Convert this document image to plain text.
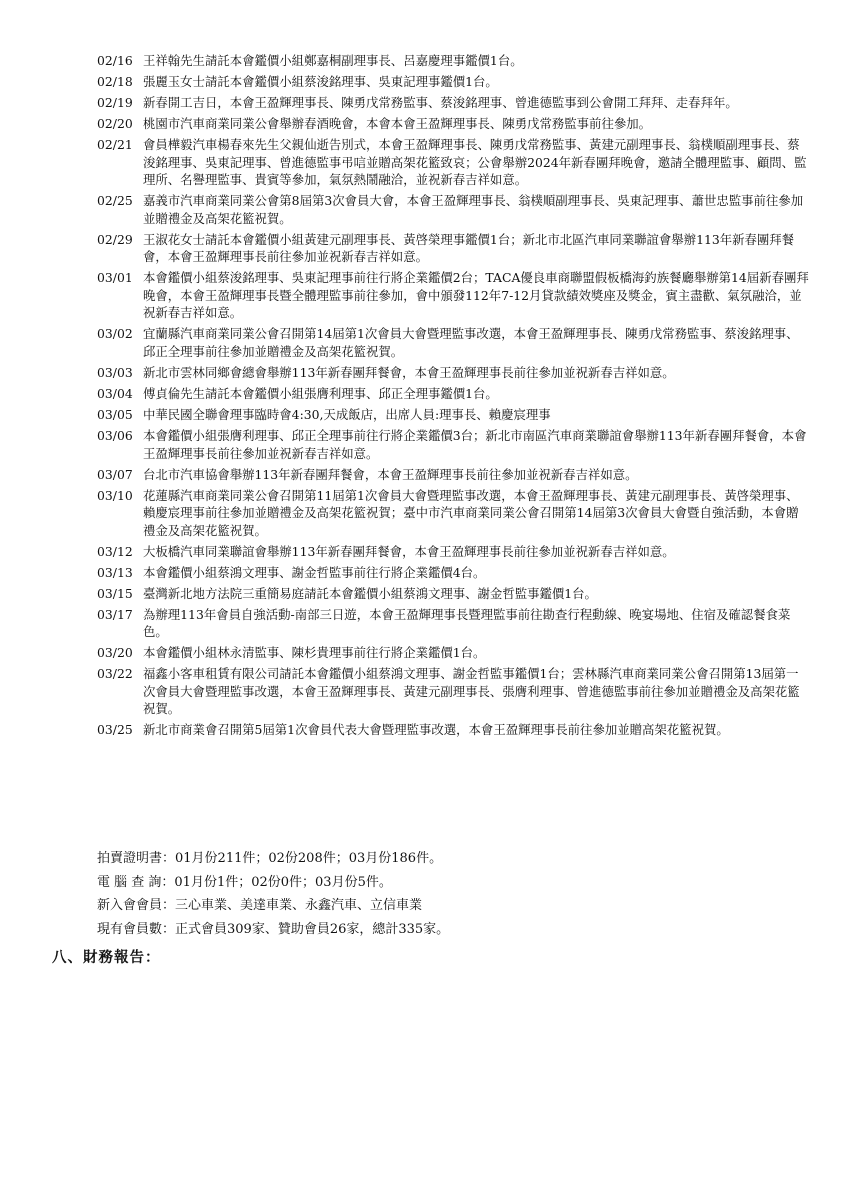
02/16 王祥翰先生請託本會鑑價小組鄭嘉桐副理事長、呂嘉慶理事鑑價1台。
02/18 張麗玉女士請託本會鑑價小組蔡浚銘理事、吳東記理事鑑價1台。
02/19 新春開工吉日，本會王盈輝理事長、陳勇戊常務監事、蔡浚銘理事、曾進德監事到公會開工拜拜、走春拜年。
02/20 桃園市汽車商業同業公會舉辦春酒晚會，本會本會王盈輝理事長、陳勇戊常務監事前往參加。
02/21 會員樺毅汽車楊春來先生父親仙逝告別式，本會王盈輝理事長、陳勇戊常務監事、黃建元副理事長、翁樸順副理事長、蔡浚銘理事、吳東記理事、曾進德監事弔唁並贈高架花籃致哀；公會舉辦2024年新春團拜晚會，邀請全體理監事、顧問、監理所、名譽理監事、貴賓等參加，氣氛熱鬧融洽，並祝新春吉祥如意。
02/25 嘉義市汽車商業同業公會第8屆第3次會員大會，本會王盈輝理事長、翁樸順副理事長、吳東記理事、蕭世忠監事前往參加並贈禮金及高架花籃祝賀。
02/29 王淑花女士請託本會鑑價小組黃建元副理事長、黃啓榮理事鑑價1台；新北市北區汽車同業聯誼會舉辦113年新春團拜餐會，本會王盈輝理事長前往參加並祝新春吉祥如意。
03/01 本會鑑價小組蔡浚銘理事、吳東記理事前往行將企業鑑價2台；TACA優良車商聯盟假板橋海釣族餐廳舉辦第14屆新春團拜晚會，本會王盈輝理事長暨全體理監事前往參加，會中頒發112年7-12月貸款績效獎座及獎金，賓主盡歡、氣氛融洽，並祝新春吉祥如意。
03/02 宜蘭縣汽車商業同業公會召開第14屆第1次會員大會暨理監事改選，本會王盈輝理事長、陳勇戊常務監事、蔡浚銘理事、邱正全理事前往參加並贈禮金及高架花籃祝賀。
03/03 新北市雲林同鄉會總會舉辦113年新春團拜餐會，本會王盈輝理事長前往參加並祝新春吉祥如意。
03/04 傅貞倫先生請託本會鑑價小組張膺利理事、邱正全理事鑑價1台。
03/05 中華民國全聯會理事臨時會4:30,天成飯店，出席人員:理事長、賴慶宸理事
03/06 本會鑑價小組張膺利理事、邱正全理事前往行將企業鑑價3台；新北市南區汽車商業聯誼會舉辦113年新春團拜餐會，本會王盈輝理事長前往參加並祝新春吉祥如意。
03/07 台北市汽車協會舉辦113年新春團拜餐會，本會王盈輝理事長前往參加並祝新春吉祥如意。
03/10 花蓮縣汽車商業同業公會召開第11屆第1次會員大會暨理監事改選，本會王盈輝理事長、黃建元副理事長、黃啓榮理事、賴慶宸理事前往參加並贈禮金及高架花籃祝賀；臺中市汽車商業同業公會召開第14屆第3次會員大會暨自強活動，本會贈禮金及高架花籃祝賀。
03/12 大板橋汽車同業聯誼會舉辦113年新春團拜餐會，本會王盈輝理事長前往參加並祝新春吉祥如意。
03/13 本會鑑價小組蔡鴻文理事、謝金哲監事前往行將企業鑑價4台。
03/15 臺灣新北地方法院三重簡易庭請託本會鑑價小組蔡鴻文理事、謝金哲監事鑑價1台。
03/17 為辦理113年會員自強活動-南部三日遊，本會王盈輝理事長暨理監事前往勘查行程動線、晚宴場地、住宿及確認餐食菜色。
03/20 本會鑑價小組林永清監事、陳杉貴理事前往行將企業鑑價1台。
03/22 福鑫小客車租賃有限公司請託本會鑑價小組蔡鴻文理事、謝金哲監事鑑價1台；雲林縣汽車商業同業公會召開第13屆第一次會員大會暨理監事改選，本會王盈輝理事長、黃建元副理事長、張膺利理事、曾進德監事前往參加並贈禮金及高架花籃祝賀。
03/25 新北市商業會召開第5屆第1次會員代表大會暨理監事改選，本會王盈輝理事長前往參加並贈高架花籃祝賀。
拍賣證明書：01月份211件；02份208件；03月份186件。
電 腦 查 詢：01月份1件；02份0件；03月份5件。
新入會會員：三心車業、美達車業、永鑫汽車、立信車業
現有會員數：正式會員309家、贊助會員26家，總計335家。
八、財務報告：
